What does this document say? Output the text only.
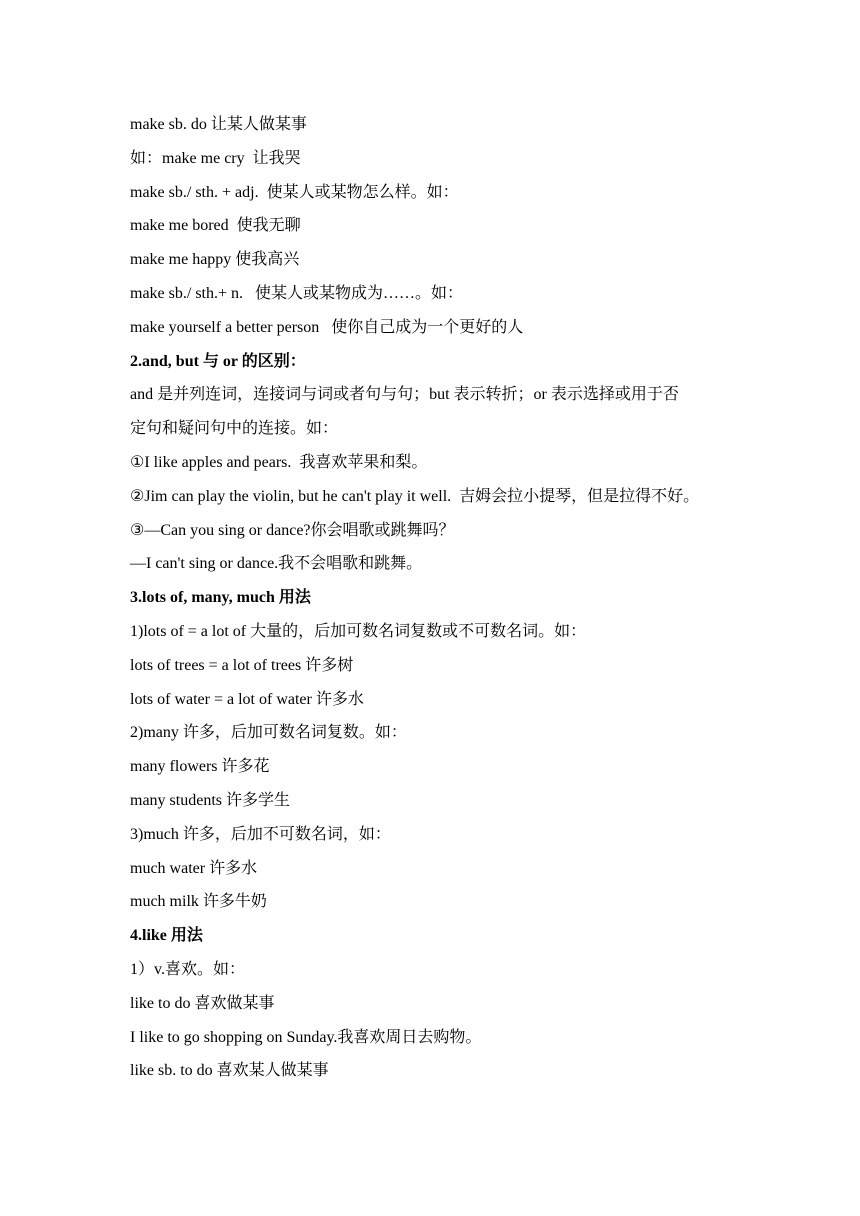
make sb. do 让某人做某事
如：make me cry  让我哭
make sb./ sth. + adj.  使某人或某物怎么样。如：
make me bored  使我无聊
make me happy 使我高兴
make sb./ sth.+ n.   使某人或某物成为……。如：
make yourself a better person   使你自己成为一个更好的人
2.and, but 与 or 的区别：
and 是并列连词，连接词与词或者句与句；but 表示转折；or 表示选择或用于否
定句和疑问句中的连接。如：
①I like apples and pears.  我喜欢苹果和梨。
②Jim can play the violin, but he can't play it well.  吉姆会拉小提琴，但是拉得不好。
③—Can you sing or dance?你会唱歌或跳舞吗？
—I can't sing or dance.我不会唱歌和跳舞。
3.lots of, many, much 用法
1)lots of = a lot of 大量的，后加可数名词复数或不可数名词。如：
lots of trees = a lot of trees 许多树
lots of water = a lot of water 许多水
2)many 许多，后加可数名词复数。如：
many flowers 许多花
many students 许多学生
3)much 许多，后加不可数名词，如：
much water 许多水
much milk 许多牛奶
4.like 用法
1）v.喜欢。如：
like to do 喜欢做某事
I like to go shopping on Sunday.我喜欢周日去购物。
like sb. to do 喜欢某人做某事
